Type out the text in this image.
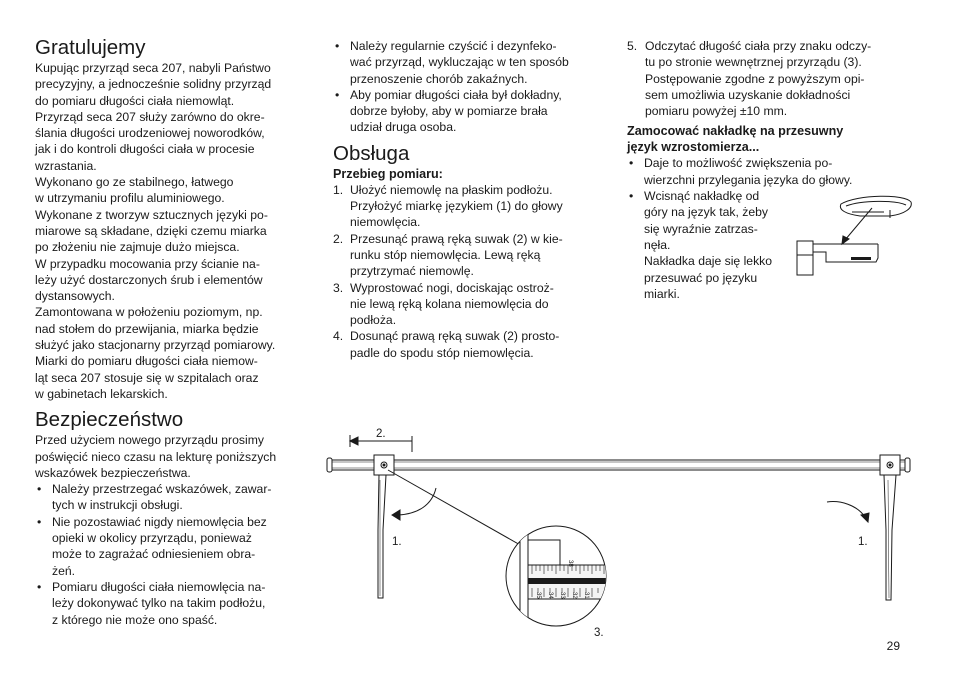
Gratulujemy

Kupując przyrząd seca 207, nabyli Państwo
precyzyjny, a jednocześnie solidny przyrząd
do pomiaru długości ciała niemowląt.
Przyrząd seca 207 służy zarówno do okre-
ślania długości urodzeniowej noworodków,
jak i do kontroli długości ciała w procesie
wzrastania.
Wykonano go ze stabilnego, łatwego
w utrzymaniu profilu aluminiowego.
Wykonane z tworzyw sztucznych języki po-
miarowe są składane, dzięki czemu miarka
po złożeniu nie zajmuje dużo miejsca.
W przypadku mocowania przy ścianie na-
leży użyć dostarczonych śrub i elementów
dystansowych.
Zamontowana w położeniu poziomym, np.
nad stołem do przewijania, miarka będzie
służyć jako stacjonarny przyrząd pomiarowy.
Miarki do pomiaru długości ciała niemow-
ląt seca 207 stosuje się w szpitalach oraz
w gabinetach lekarskich.

Bezpieczeństwo

Przed użyciem nowego przyrządu prosimy
poświęcić nieco czasu na lekturę poniższych
wskazówek bezpieczeństwa.

• Należy przestrzegać wskazówek, zawar-
tych w instrukcji obsługi.
• Nie pozostawiać nigdy niemowlęcia bez
opieki w okolicy przyrządu, ponieważ
może to zagrażać odniesieniem obra-
żeń.
• Pomiaru długości ciała niemowlęcia na-
leży dokonywać tylko na takim podłożu,
z którego nie może ono spaść.
• Należy regularnie czyścić i dezynfeko-
wać przyrząd, wykluczając w ten sposób
przenoszenie chorób zakaźnych.
• Aby pomiar długości ciała był dokładny,
dobrze byłoby, aby w pomiarze brała
udział druga osoba.
Obsługa
Przebieg pomiaru:
1. Ułożyć niemowlę na płaskim podłożu.
Przyłożyć miarkę językiem (1) do głowy
niemowlęcia.
2. Przesunąć prawą ręką suwak (2) w kie-
runku stóp niemowlęcia. Lewą ręką
przytrzymać niemowlę.
3. Wyprostować nogi, dociskając ostroż-
nie lewą ręką kolana niemowlęcia do
podłoża.
4. Dosunąć prawą ręką suwak (2) prosto-
padle do spodu stóp niemowlęcia.
5. Odczytać długość ciała przy znaku odczy-
tu po stronie wewnętrznej przyrządu (3).
Postępowanie zgodne z powyższym opi-
sem umożliwia uzyskanie dokładności
pomiaru powyżej ±10 mm.
Zamocować nakładkę na przesuwny
język wzrostomierza...
• Daje to możliwość zwiększenia po-
wierzchni przylegania języka do głowy.
• Wcisnąć nakładkę od
góry na język tak, żeby
się wyraźnie zatrzas-
nęła.
Nakładka daje się lekko
przesuwać po języku
miarki.
38
35 34 33 32 31
2.
1.	1.
3.
29
